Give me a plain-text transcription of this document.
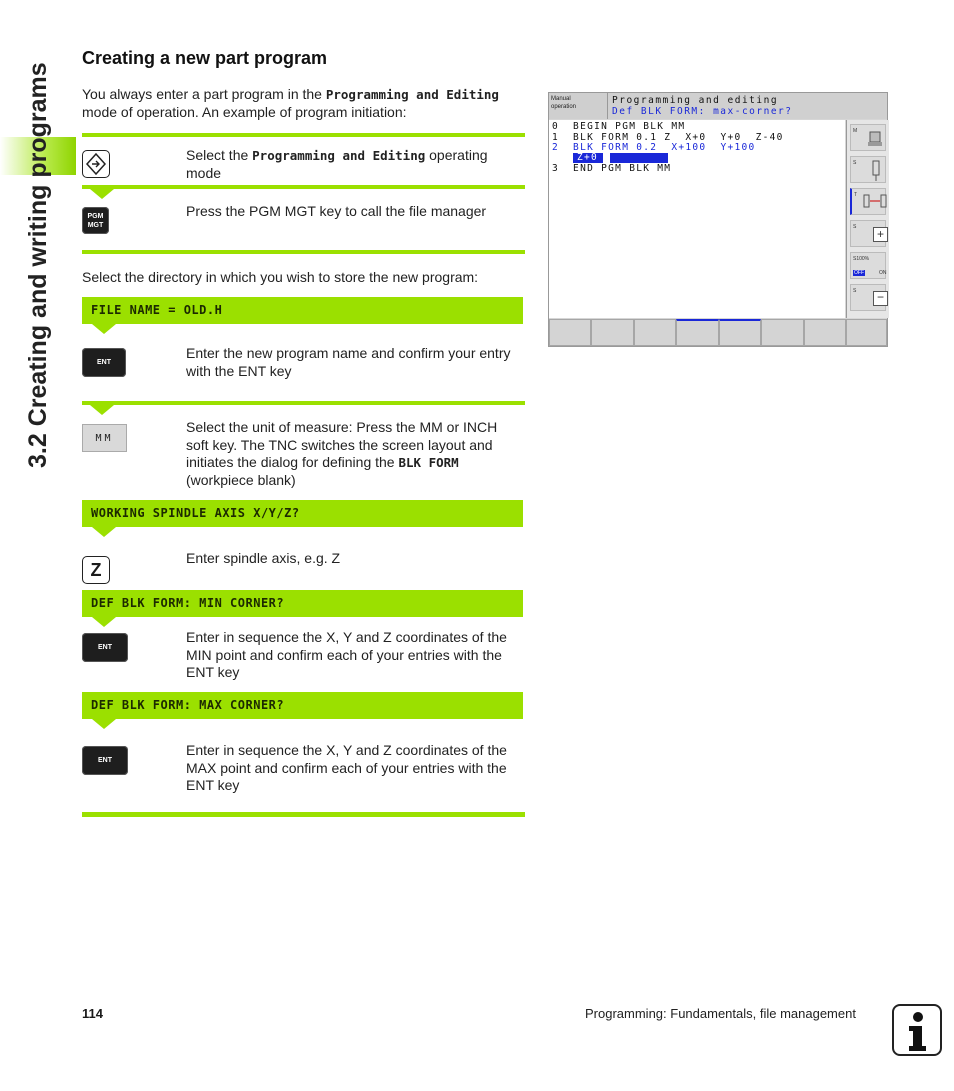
3.2 Creating and writing programs
Creating a new part program
You always enter a part program in the Programming and Editing
mode of operation. An example of program initiation:
Select the Programming and Editing operating mode
PGM
MGT
Press the PGM MGT key to call the file manager
Select the directory in which you wish to store the new program:
FILE NAME = OLD.H
ENT
Enter the new program name and confirm your entry with the ENT key
MM
Select the unit of measure: Press the MM or INCH soft key. The TNC switches the screen layout and initiates the dialog for defining the BLK FORM
(workpiece blank)
WORKING SPINDLE AXIS X/Y/Z?
Z
Enter spindle axis, e.g. Z
DEF BLK FORM: MIN CORNER?
ENT
Enter in sequence the X, Y and Z coordinates of the MIN point and confirm each of your entries with the ENT key
DEF BLK FORM: MAX CORNER?
ENT
Enter in sequence the X, Y and Z coordinates of the MAX point and confirm each of your entries with the ENT key
Manual
operation
Programming and editing
Def BLK FORM: max-corner?
0  BEGIN PGM BLK MM
1  BLK FORM 0.1 Z  X+0  Y+0  Z-40
2  BLK FORM 0.2  X+100  Y+100
Z+0
3  END PGM BLK MM
M
S
T
S	+
S100%
OFF	ON
S	−
114	Programming: Fundamentals, file management
